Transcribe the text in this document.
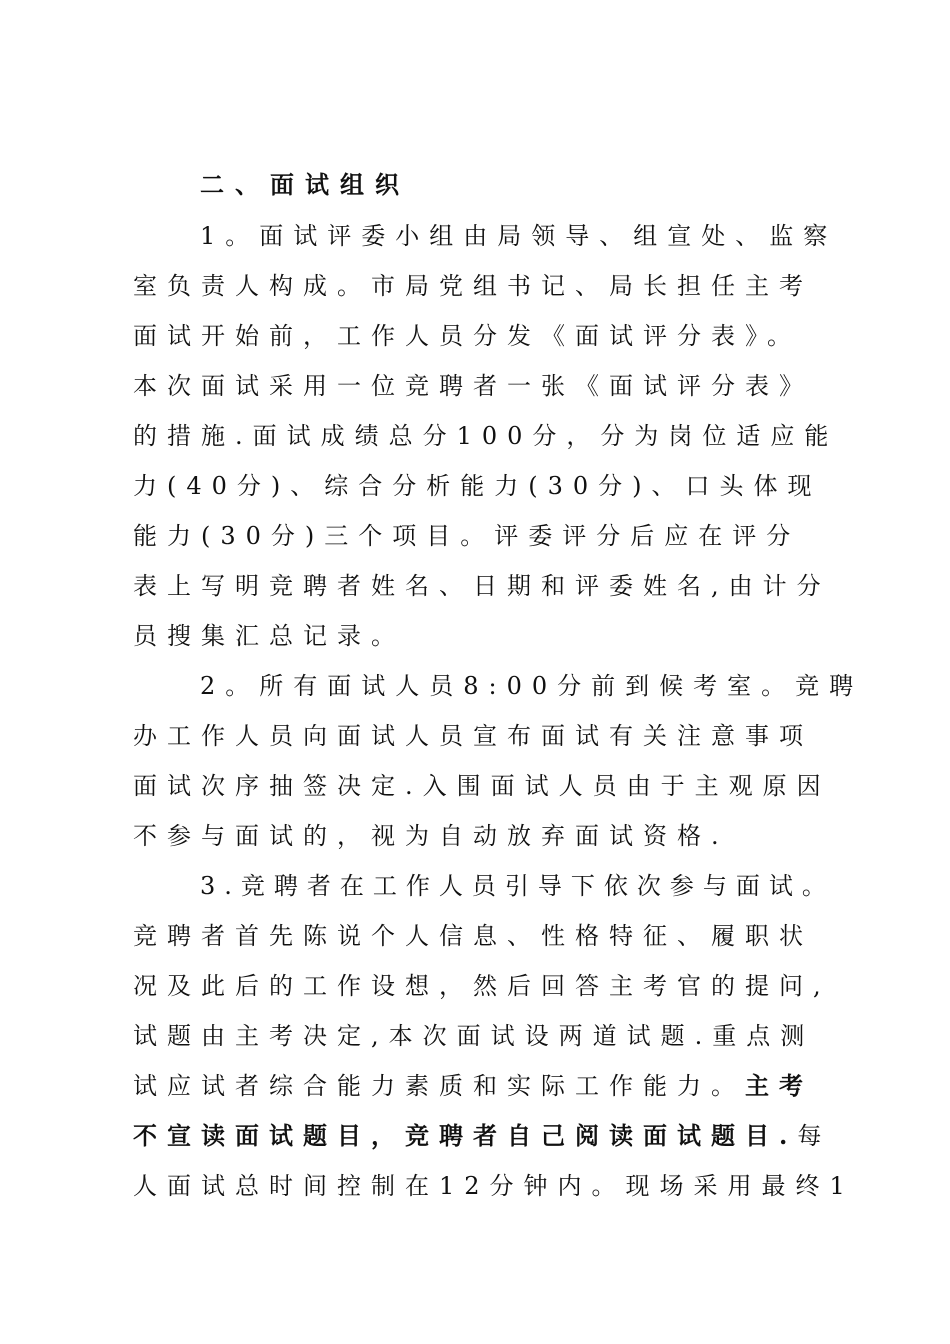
二、面试组织
1。面试评委小组由局领导、组宣处、监察
室负责人构成。市局党组书记、局长担任主考
面试开始前，工作人员分发《面试评分表》。
本次面试采用一位竞聘者一张《面试评分表》
的措施.面试成绩总分100分，分为岗位适应能
力(40分)、综合分析能力(30分)、口头体现
能力(30分)三个项目。评委评分后应在评分
表上写明竞聘者姓名、日期和评委姓名,由计分
员搜集汇总记录。
2。所有面试人员8:00分前到候考室。竞聘
办工作人员向面试人员宣布面试有关注意事项
面试次序抽签决定.入围面试人员由于主观原因
不参与面试的，视为自动放弃面试资格.
3.竞聘者在工作人员引导下依次参与面试。
竞聘者首先陈说个人信息、性格特征、履职状
况及此后的工作设想，然后回答主考官的提问,
试题由主考决定,本次面试设两道试题.重点测
试应试者综合能力素质和实际工作能力。主考
不宣读面试题目，竞聘者自己阅读面试题目.每
人面试总时间控制在12分钟内。现场采用最终1
